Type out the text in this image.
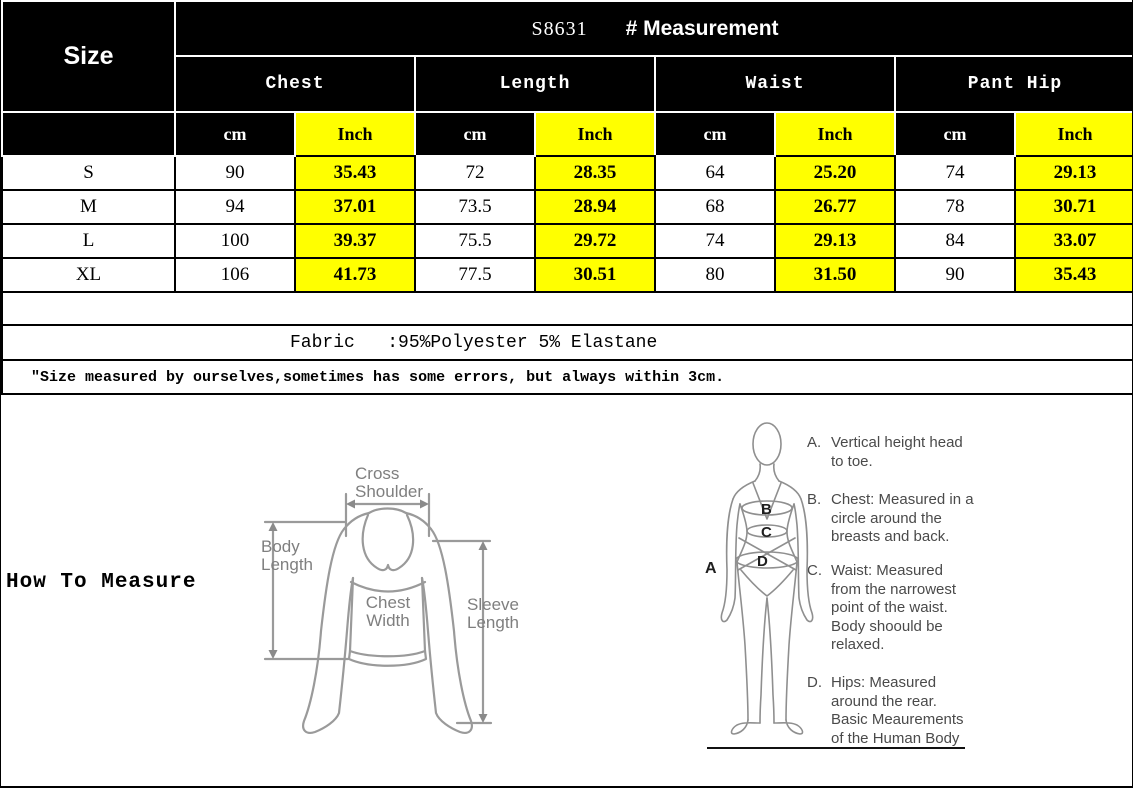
Size	S8631 # Measurement							
	Chest		Length		Waist		Pant Hip	
	cm	Inch	cm	Inch	cm	Inch	cm	Inch
S	90	35.43	72	28.35	64	25.20	74	29.13
M	94	37.01	73.5	28.94	68	26.77	78	30.71
L	100	39.37	75.5	29.72	74	29.13	84	33.07
XL	106	41.73	77.5	30.51	80	31.50	90	35.43

Fabric   :95%Polyester 5% Elastane								
″Size measured by ourselves,sometimes has some errors, but always within 3cm.								
How To Measure
Cross
Shoulder
Body
Length
Chest
Width
Sleeve
Length
A
B
C
D
A. Vertical height head
to toe.
B. Chest: Measured in a
circle around the
breasts and back.
C. Waist: Measured
from the narrowest
point of the waist.
Body shoould be
relaxed.
D. Hips: Measured
around the rear.
Basic Meaurements
of the Human Body
